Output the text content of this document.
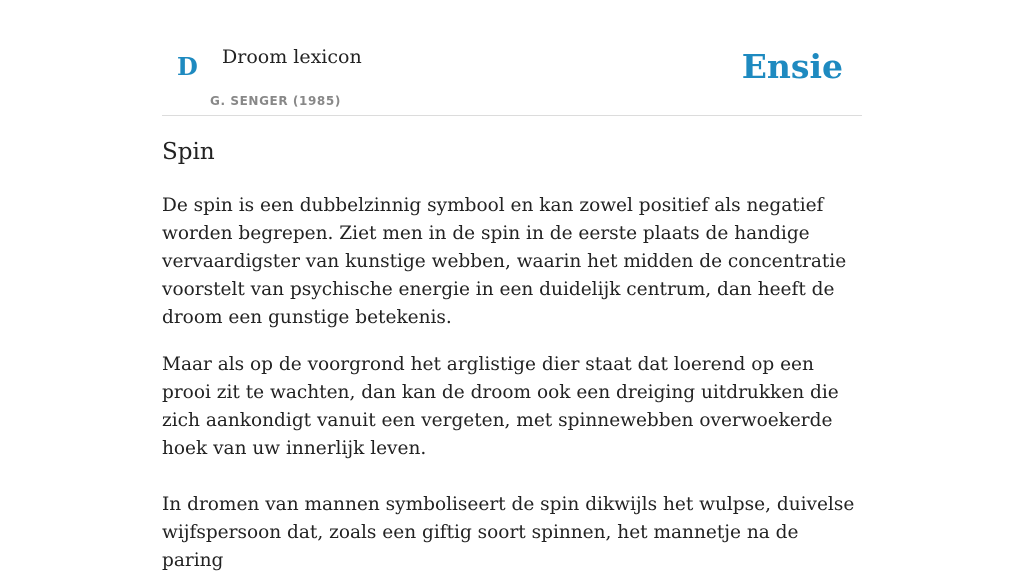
D Droom lexicon
G. SENGER (1985)
Ensie
Spin

De spin is een dubbelzinnig symbool en kan zowel positief als negatief worden begrepen. Ziet men in de spin in de eerste plaats de handige vervaardigster van kunstige webben, waarin het midden de concentratie voorstelt van psychische energie in een duidelijk centrum, dan heeft de droom een gunstige betekenis.

Maar als op de voorgrond het arglistige dier staat dat loerend op een prooi zit te wachten, dan kan de droom ook een dreiging uitdrukken die zich aankondigt vanuit een vergeten, met spinnewebben overwoekerde hoek van uw innerlijk leven.

In dromen van mannen symboliseert de spin dikwijls het wulpse, duivelse wijfspersoon dat, zoals een giftig soort spinnen, het mannetje na de paring
